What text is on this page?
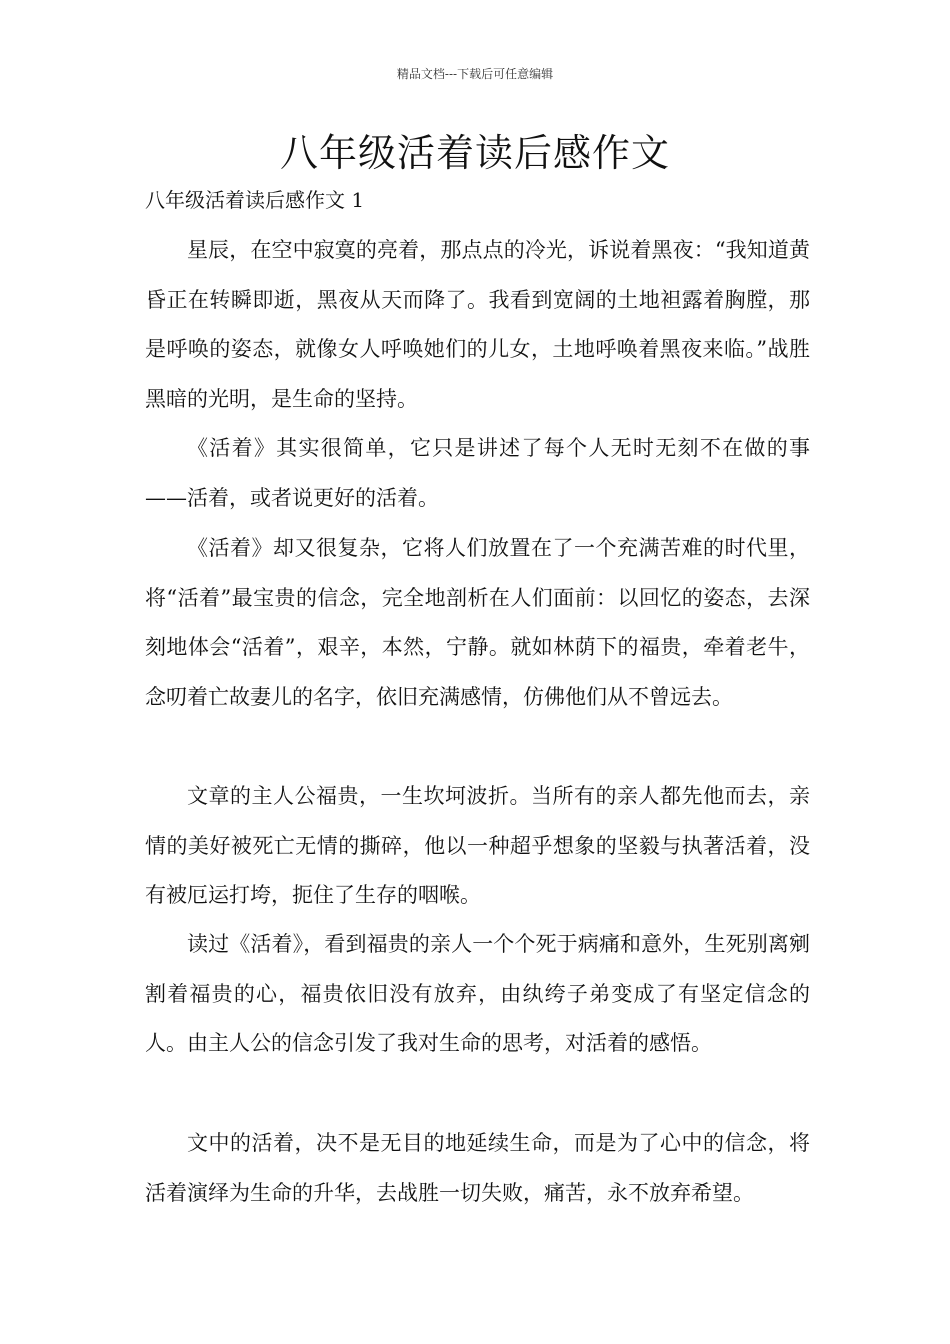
精品文档---下载后可任意编辑
八年级活着读后感作文
八年级活着读后感作文 1

星辰，在空中寂寞的亮着，那点点的冷光，诉说着黑夜：“我知道黄昏正在转瞬即逝，黑夜从天而降了。我看到宽阔的土地袒露着胸膛，那是呼唤的姿态，就像女人呼唤她们的儿女，土地呼唤着黑夜来临。”战胜黑暗的光明，是生命的坚持。

《活着》其实很简单，它只是讲述了每个人无时无刻不在做的事——活着，或者说更好的活着。

《活着》却又很复杂，它将人们放置在了一个充满苦难的时代里，将“活着”最宝贵的信念，完全地剖析在人们面前：以回忆的姿态，去深刻地体会“活着”，艰辛，本然，宁静。就如林荫下的福贵，牵着老牛，念叨着亡故妻儿的名字，依旧充满感情，仿佛他们从不曾远去。

文章的主人公福贵，一生坎坷波折。当所有的亲人都先他而去，亲情的美好被死亡无情的撕碎，他以一种超乎想象的坚毅与执著活着，没有被厄运打垮，扼住了生存的咽喉。

读过《活着》，看到福贵的亲人一个个死于病痛和意外，生死别离剜割着福贵的心，福贵依旧没有放弃，由纨绔子弟变成了有坚定信念的人。由主人公的信念引发了我对生命的思考，对活着的感悟。

文中的活着，决不是无目的地延续生命，而是为了心中的信念，将活着演绎为生命的升华，去战胜一切失败，痛苦，永不放弃希望。
